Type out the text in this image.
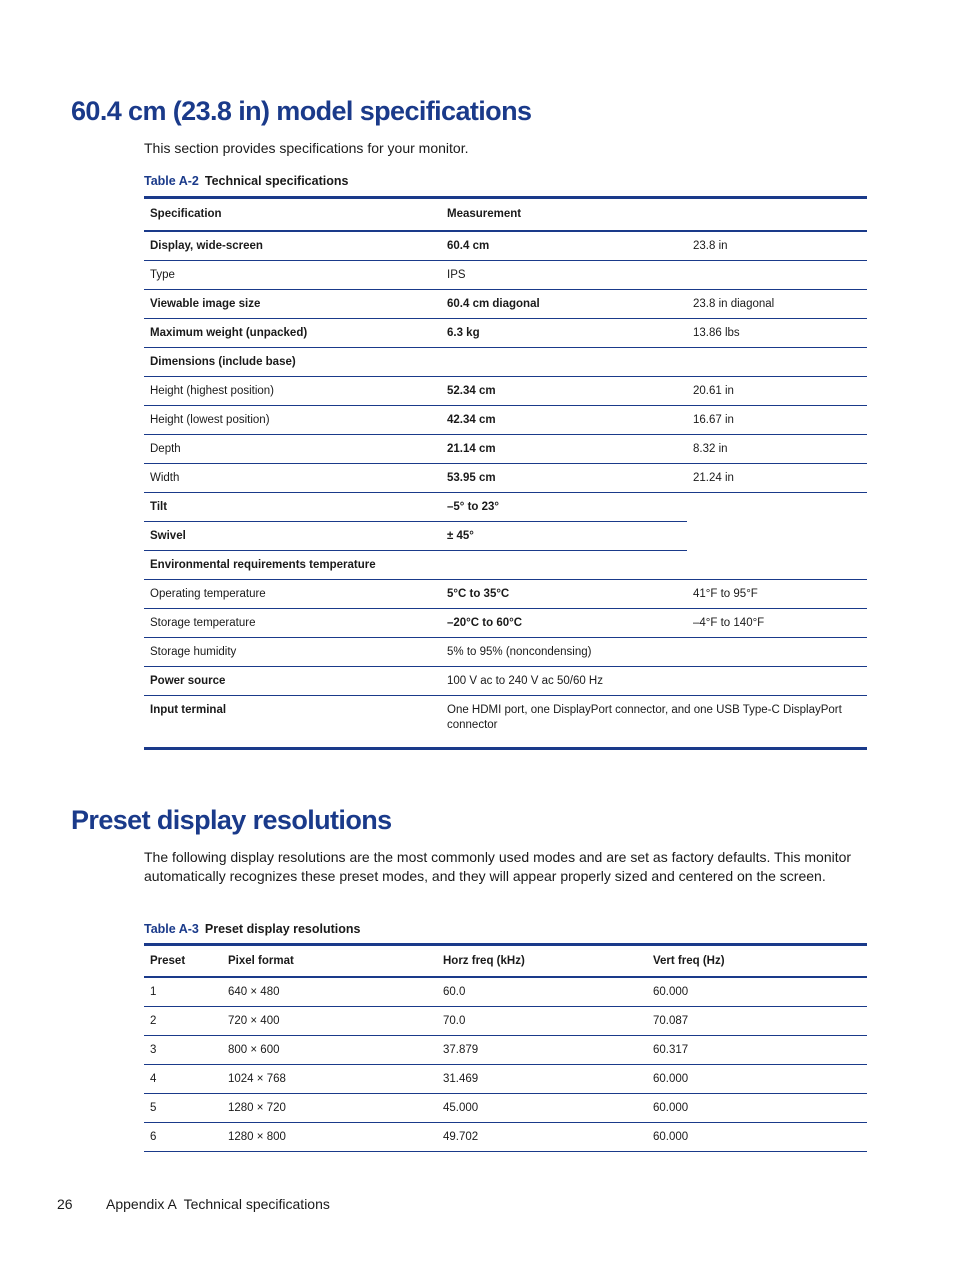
60.4 cm (23.8 in) model specifications

This section provides specifications for your monitor.

Table A-2 Technical specifications

Specification	Measurement	
Display, wide-screen	60.4 cm	23.8 in
Type	IPS	
Viewable image size	60.4 cm diagonal	23.8 in diagonal
Maximum weight (unpacked)	6.3 kg	13.86 lbs
Dimensions (include base)		
Height (highest position)	52.34 cm	20.61 in
Height (lowest position)	42.34 cm	16.67 in
Depth	21.14 cm	8.32 in
Width	53.95 cm	21.24 in
Tilt	–5° to 23°	
Swivel	± 45°	
Environmental requirements temperature		
Operating temperature	5°C to 35°C	41°F to 95°F
Storage temperature	–20°C to 60°C	–4°F to 140°F
Storage humidity	5% to 95% (noncondensing)	
Power source	100 V ac to 240 V ac 50/60 Hz	
Input terminal	One HDMI port, one DisplayPort connector, and one USB Type-C DisplayPort connector	
Preset display resolutions

The following display resolutions are the most commonly used modes and are set as factory defaults. This monitor automatically recognizes these preset modes, and they will appear properly sized and centered on the screen.

Table A-3 Preset display resolutions

Preset	Pixel format	Horz freq (kHz)	Vert freq (Hz)
1	640 × 480	60.0	60.000
2	720 × 400	70.0	70.087
3	800 × 600	37.879	60.317
4	1024 × 768	31.469	60.000
5	1280 × 720	45.000	60.000
6	1280 × 800	49.702	60.000

26 Appendix A  Technical specifications
